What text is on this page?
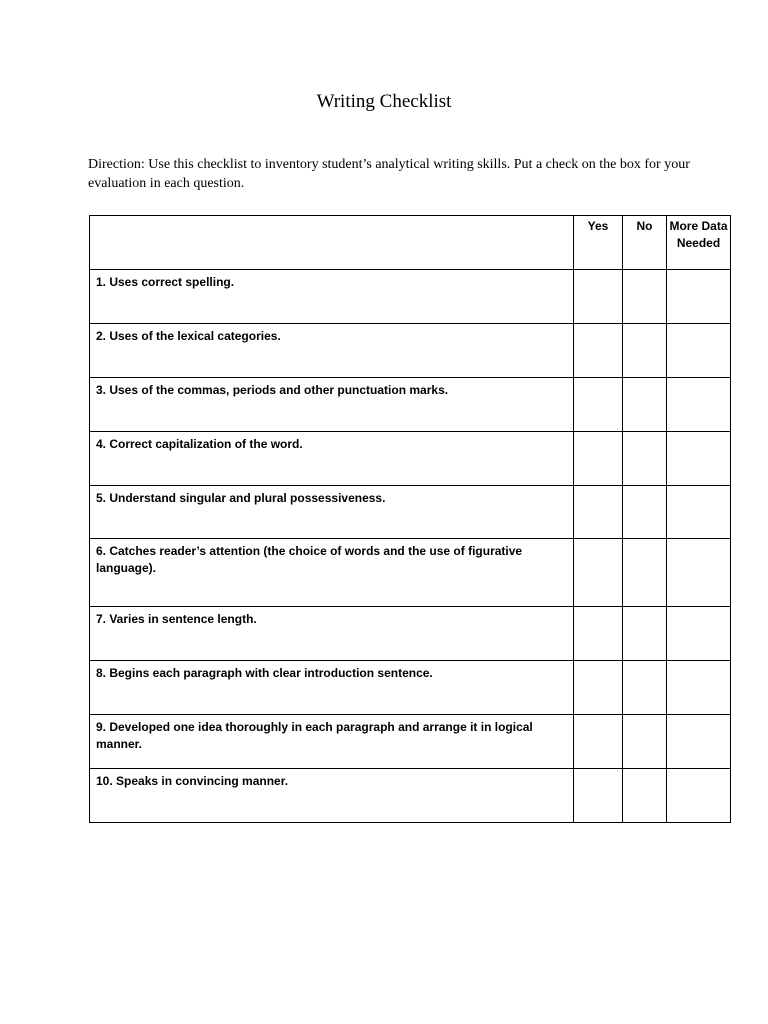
Writing Checklist
Direction: Use this checklist to inventory student’s analytical writing skills. Put a check on the box for your evaluation in each question.
	Yes	No	More Data Needed
1. Uses correct spelling.			
2. Uses of the lexical categories.			
3. Uses of the commas, periods and other punctuation marks.			
4. Correct capitalization of the word.			
5. Understand singular and plural possessiveness.			
6. Catches reader’s attention (the choice of words and the use of figurative language).			
7. Varies in sentence length.			
8. Begins each paragraph with clear introduction sentence.			
9. Developed one idea thoroughly in each paragraph and arrange it in logical manner.			
10. Speaks in convincing manner.			
